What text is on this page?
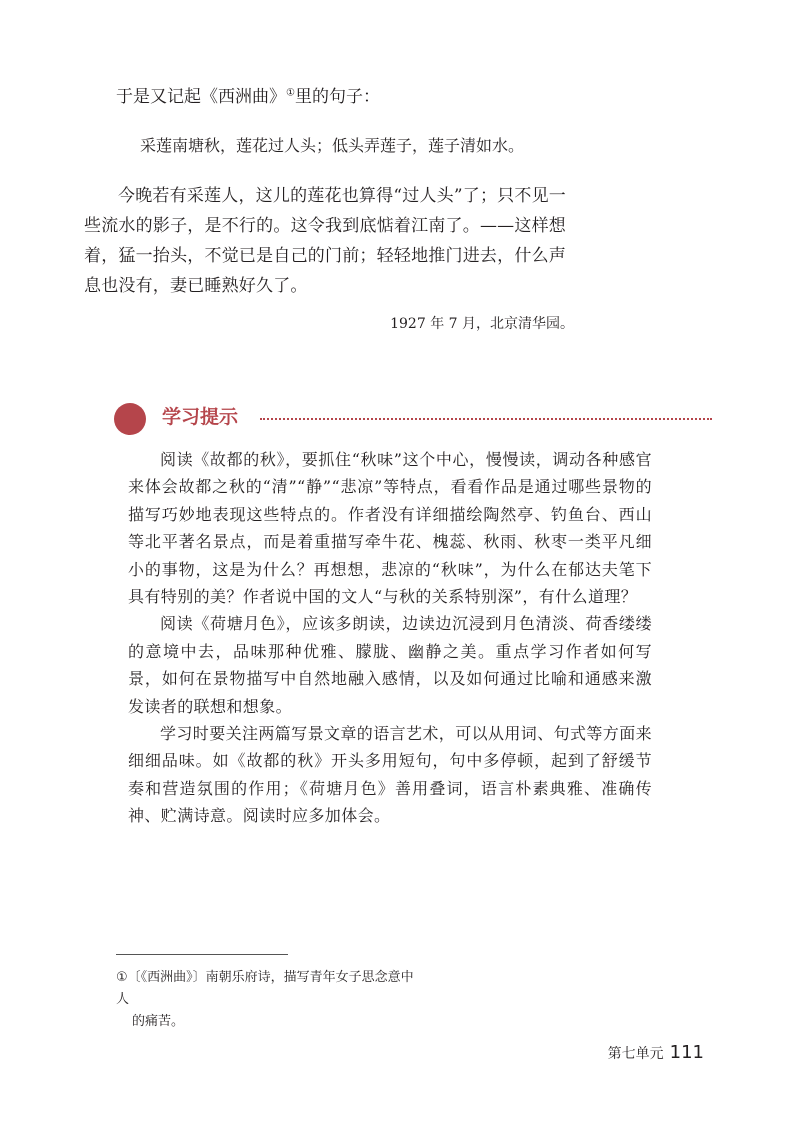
于是又记起《西洲曲》①里的句子：
采莲南塘秋，莲花过人头；低头弄莲子，莲子清如水。

今晚若有采莲人，这儿的莲花也算得“过人头”了；只不见一些流水的影子，是不行的。这令我到底惦着江南了。——这样想着，猛一抬头，不觉已是自己的门前；轻轻地推门进去，什么声息也没有，妻已睡熟好久了。

1927 年 7 月，北京清华园。
学习提示

阅读《故都的秋》，要抓住“秋味”这个中心，慢慢读，调动各种感官来体会故都之秋的“清”“静”“悲凉”等特点，看看作品是通过哪些景物的描写巧妙地表现这些特点的。作者没有详细描绘陶然亭、钓鱼台、西山等北平著名景点，而是着重描写牵牛花、槐蕊、秋雨、秋枣一类平凡细小的事物，这是为什么？再想想，悲凉的“秋味”，为什么在郁达夫笔下具有特别的美？作者说中国的文人“与秋的关系特别深”，有什么道理？

阅读《荷塘月色》，应该多朗读，边读边沉浸到月色清淡、荷香缕缕的意境中去，品味那种优雅、朦胧、幽静之美。重点学习作者如何写景，如何在景物描写中自然地融入感情，以及如何通过比喻和通感来激发读者的联想和想象。

学习时要关注两篇写景文章的语言艺术，可以从用词、句式等方面来细细品味。如《故都的秋》开头多用短句，句中多停顿，起到了舒缓节奏和营造氛围的作用；《荷塘月色》善用叠词，语言朴素典雅、准确传神、贮满诗意。阅读时应多加体会。

①〔《西洲曲》〕南朝乐府诗，描写青年女子思念意中人
的痛苦。
第七单元 111
